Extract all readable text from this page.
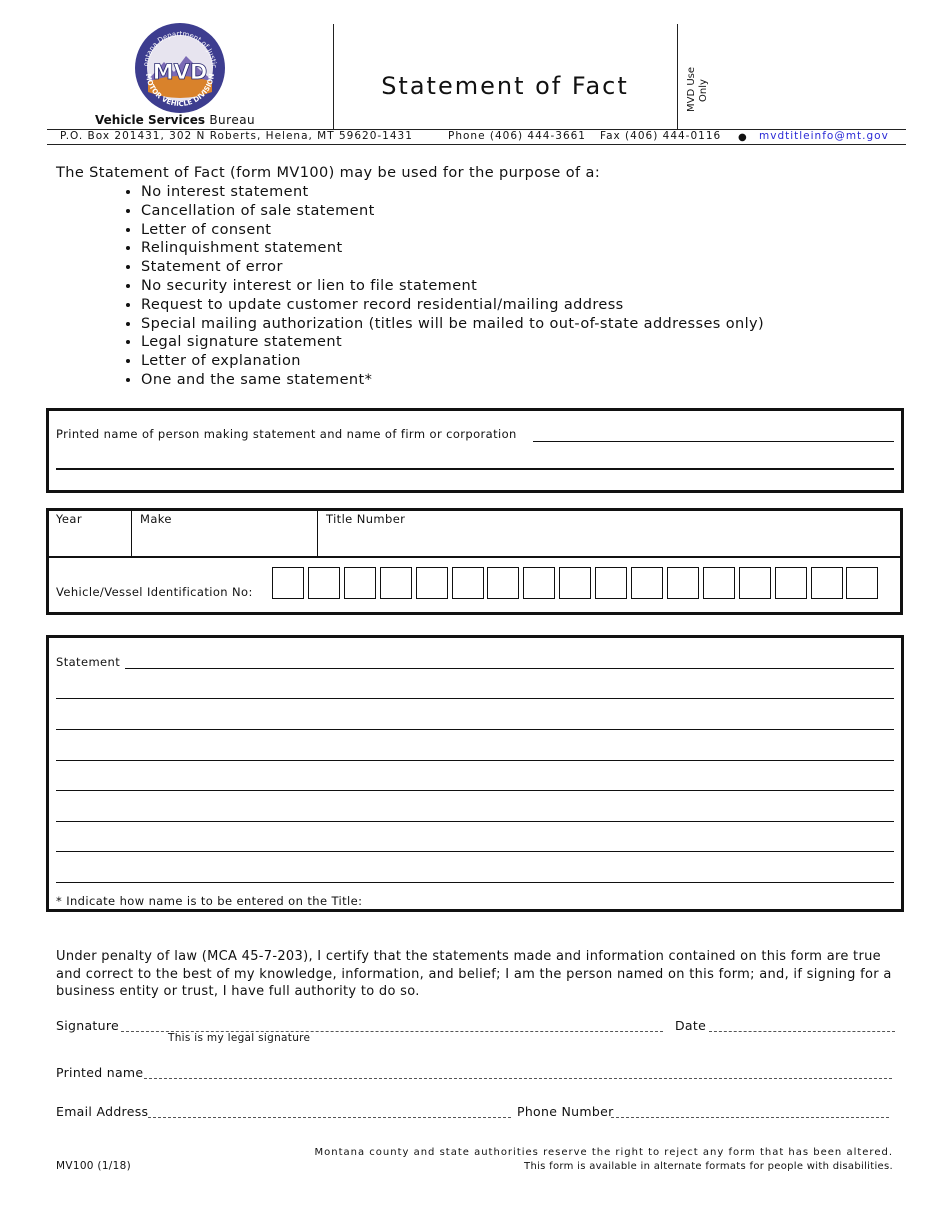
MVD
ontana Department of Justic
MOTOR VEHICLE DIVISION
Vehicle Services Bureau
Statement of Fact	MVD Use Only
P.O. Box 201431, 302 N Roberts, Helena, MT 59620-1431	Phone (406) 444-3661 Fax (406) 444-0116 ● mvdtitleinfo@mt.gov
The Statement of Fact (form MV100) may be used for the purpose of a:
• No interest statement
• Cancellation of sale statement
• Letter of consent
• Relinquishment statement
• Statement of error
• No security interest or lien to file statement
• Request to update customer record residential/mailing address
• Special mailing authorization (titles will be mailed to out-of-state addresses only)
• Legal signature statement
• Letter of explanation
• One and the same statement*
Printed name of person making statement and name of firm or corporation
Year	Make	Title Number
Vehicle/Vessel Identification No:
Statement
* Indicate how name is to be entered on the Title:
Under penalty of law (MCA 45-7-203), I certify that the statements made and information contained on this form are true and correct to the best of my knowledge, information, and belief; I am the person named on this form; and, if signing for a business entity or trust, I have full authority to do so.
Signature
This is my legal signature
Date
Printed name
Email Address	Phone Number
Montana county and state authorities reserve the right to reject any form that has been altered.
This form is available in alternate formats for people with disabilities.
MV100 (1/18)
